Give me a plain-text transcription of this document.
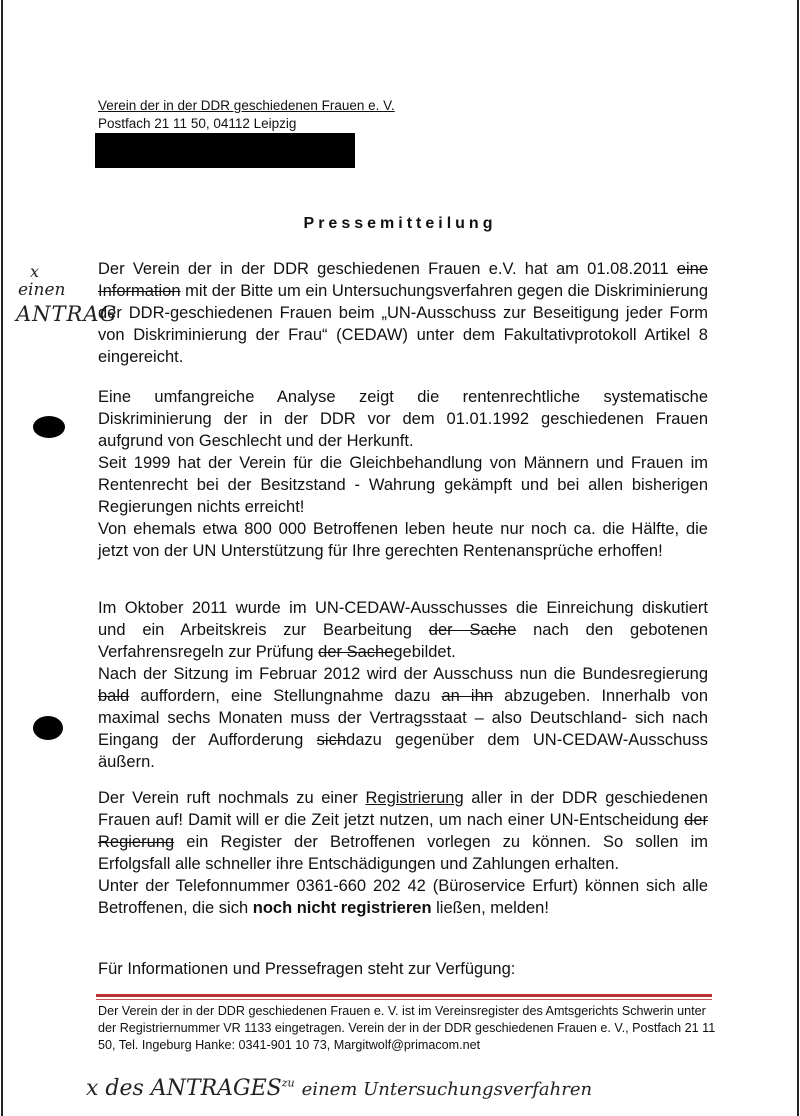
Verein der in der DDR geschiedenen Frauen e. V.
Postfach 21 11 50, 04112 Leipzig
Pressemitteilung
x
einen
ANTRAG

Der Verein der in der DDR geschiedenen Frauen e.V. hat am 01.08.2011 eine Information mit der Bitte um ein Untersuchungsverfahren gegen die Diskriminierung der DDR-geschiedenen Frauen beim „UN-Ausschuss zur Beseitigung jeder Form von Diskriminierung der Frau“ (CEDAW) unter dem Fakultativprotokoll Artikel 8 eingereicht.

Eine umfangreiche Analyse zeigt die rentenrechtliche systematische Diskriminierung der in der DDR vor dem 01.01.1992 geschiedenen Frauen aufgrund von Geschlecht und der Herkunft.

Seit 1999 hat der Verein für die Gleichbehandlung von Männern und Frauen im Rentenrecht bei der Besitzstand - Wahrung gekämpft und bei allen bisherigen Regierungen nichts erreicht!

Von ehemals etwa 800 000 Betroffenen leben heute nur noch ca. die Hälfte, die jetzt von der UN Unterstützung für Ihre gerechten Rentenansprüche erhoffen!

Im Oktober 2011 wurde im UN-CEDAW-Ausschusses die Einreichung diskutiert und ein Arbeitskreis zur Bearbeitung der Sache nach den gebotenen Verfahrensregeln zur Prüfung der Sachegebildet.

Nach der Sitzung im Februar 2012 wird der Ausschuss nun die Bundesregierung bald auffordern, eine Stellungnahme dazu an ihn abzugeben. Innerhalb von maximal sechs Monaten muss der Vertragsstaat – also Deutschland- sich nach Eingang der Aufforderung sichdazu gegenüber dem UN-CEDAW-Ausschuss äußern.

Der Verein ruft nochmals zu einer Registrierung aller in der DDR geschiedenen Frauen auf! Damit will er die Zeit jetzt nutzen, um nach einer UN-Entscheidung der Regierung ein Register der Betroffenen vorlegen zu können. So sollen im Erfolgsfall alle schneller ihre Entschädigungen und Zahlungen erhalten.

Unter der Telefonnummer 0361-660 202 42 (Büroservice Erfurt) können sich alle Betroffenen, die sich noch nicht registrieren ließen, melden!

Für Informationen und Pressefragen steht zur Verfügung:

Der Verein der in der DDR geschiedenen Frauen e. V. ist im Vereinsregister des Amtsgerichts Schwerin unter der Registriernummer VR 1133 eingetragen. Verein der in der DDR geschiedenen Frauen e. V., Postfach 21 11 50, Tel. Ingeburg Hanke: 0341-901 10 73, Margitwolf@primacom.net
x des $ANTRAGES^{zu}$ einem Untersuchungsverfahren
